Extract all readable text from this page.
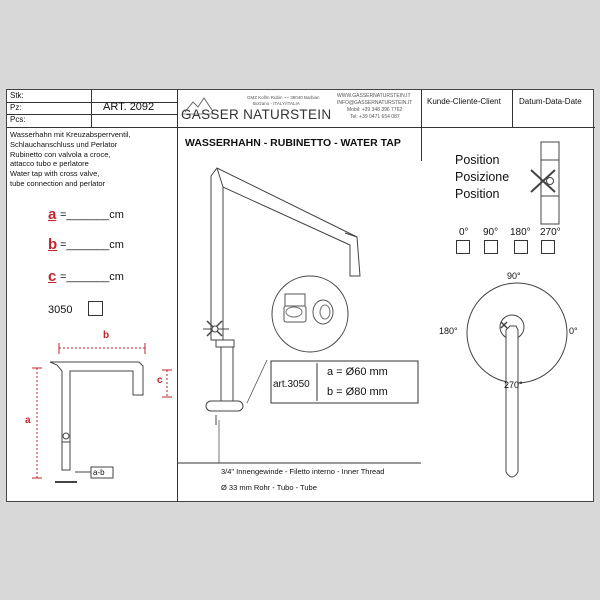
Stk:
Pz:
Pcs:
ART. 2092 GASSER NATURSTEIN
GMZ Kollm Rubin ~~ 39040 Barbian
Bolzano - ITALY/ITALIA
WWW.GASSERNATURSTEIN.IT
INFO@GASSERNATURSTEIN.IT
Mobil: +39 348 396 7762
Tel: +39 0471 654 087
Kunde-Cliente-Client Datum-Data-Date
Wasserhahn mit Kreuzabsperrventil,
Schlauchanschluss und Perlator
Rubinetto con valvola a croce,
attacco tubo e perlatore
Water tap with cross valve,
tube connection and perlator
a =_______cm
b =_______cm
c =_______cm
3050
b
a
c
a-b
WASSERHAHN - RUBINETTO - WATER TAP
art.3050
a = Ø60 mm
b = Ø80 mm
3/4" Innengewinde - Filetto interno - Inner Thread
Ø 33 mm Rohr - Tubo - Tube
Position
Posizione
Position
0° 90° 180° 270°
90°
180°	0°
270°
